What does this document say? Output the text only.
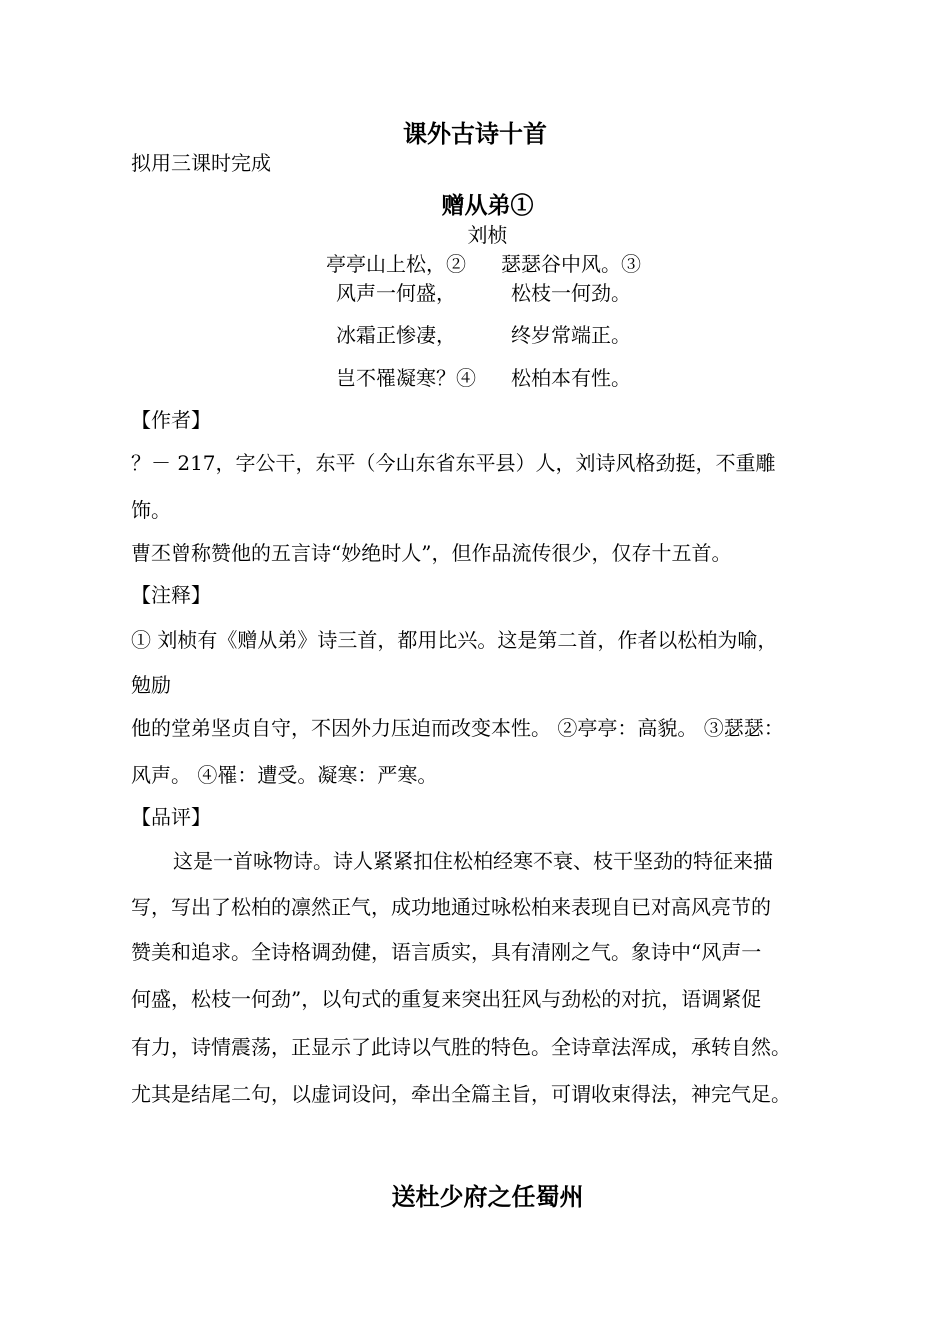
课外古诗十首
拟用三课时完成
赠从弟①
刘桢
亭亭山上松，② 瑟瑟谷中风。③
风声一何盛，	松枝一何劲。
冰霜正惨凄，	终岁常端正。
岂不罹凝寒？④ 松柏本有性。
【作者】
？－ 217，字公干，东平（今山东省东平县）人，刘诗风格劲挺，不重雕
饰。
曹丕曾称赞他的五言诗“妙绝时人”，但作品流传很少，仅存十五首。
【注释】
① 刘桢有《赠从弟》诗三首，都用比兴。这是第二首，作者以松柏为喻，
勉励
他的堂弟坚贞自守，不因外力压迫而改变本性。 ②亭亭：高貌。 ③瑟瑟：
风声。 ④罹：遭受。凝寒：严寒。
【品评】
这是一首咏物诗。诗人紧紧扣住松柏经寒不衰、枝干坚劲的特征来描
写，写出了松柏的凛然正气，成功地通过咏松柏来表现自已对高风亮节的
赞美和追求。全诗格调劲健，语言质实，具有清刚之气。象诗中“风声一
何盛，松枝一何劲”，以句式的重复来突出狂风与劲松的对抗，语调紧促
有力，诗情震荡，正显示了此诗以气胜的特色。全诗章法浑成，承转自然。
尤其是结尾二句，以虚词设问，牵出全篇主旨，可谓收束得法，神完气足。
送杜少府之任蜀州
